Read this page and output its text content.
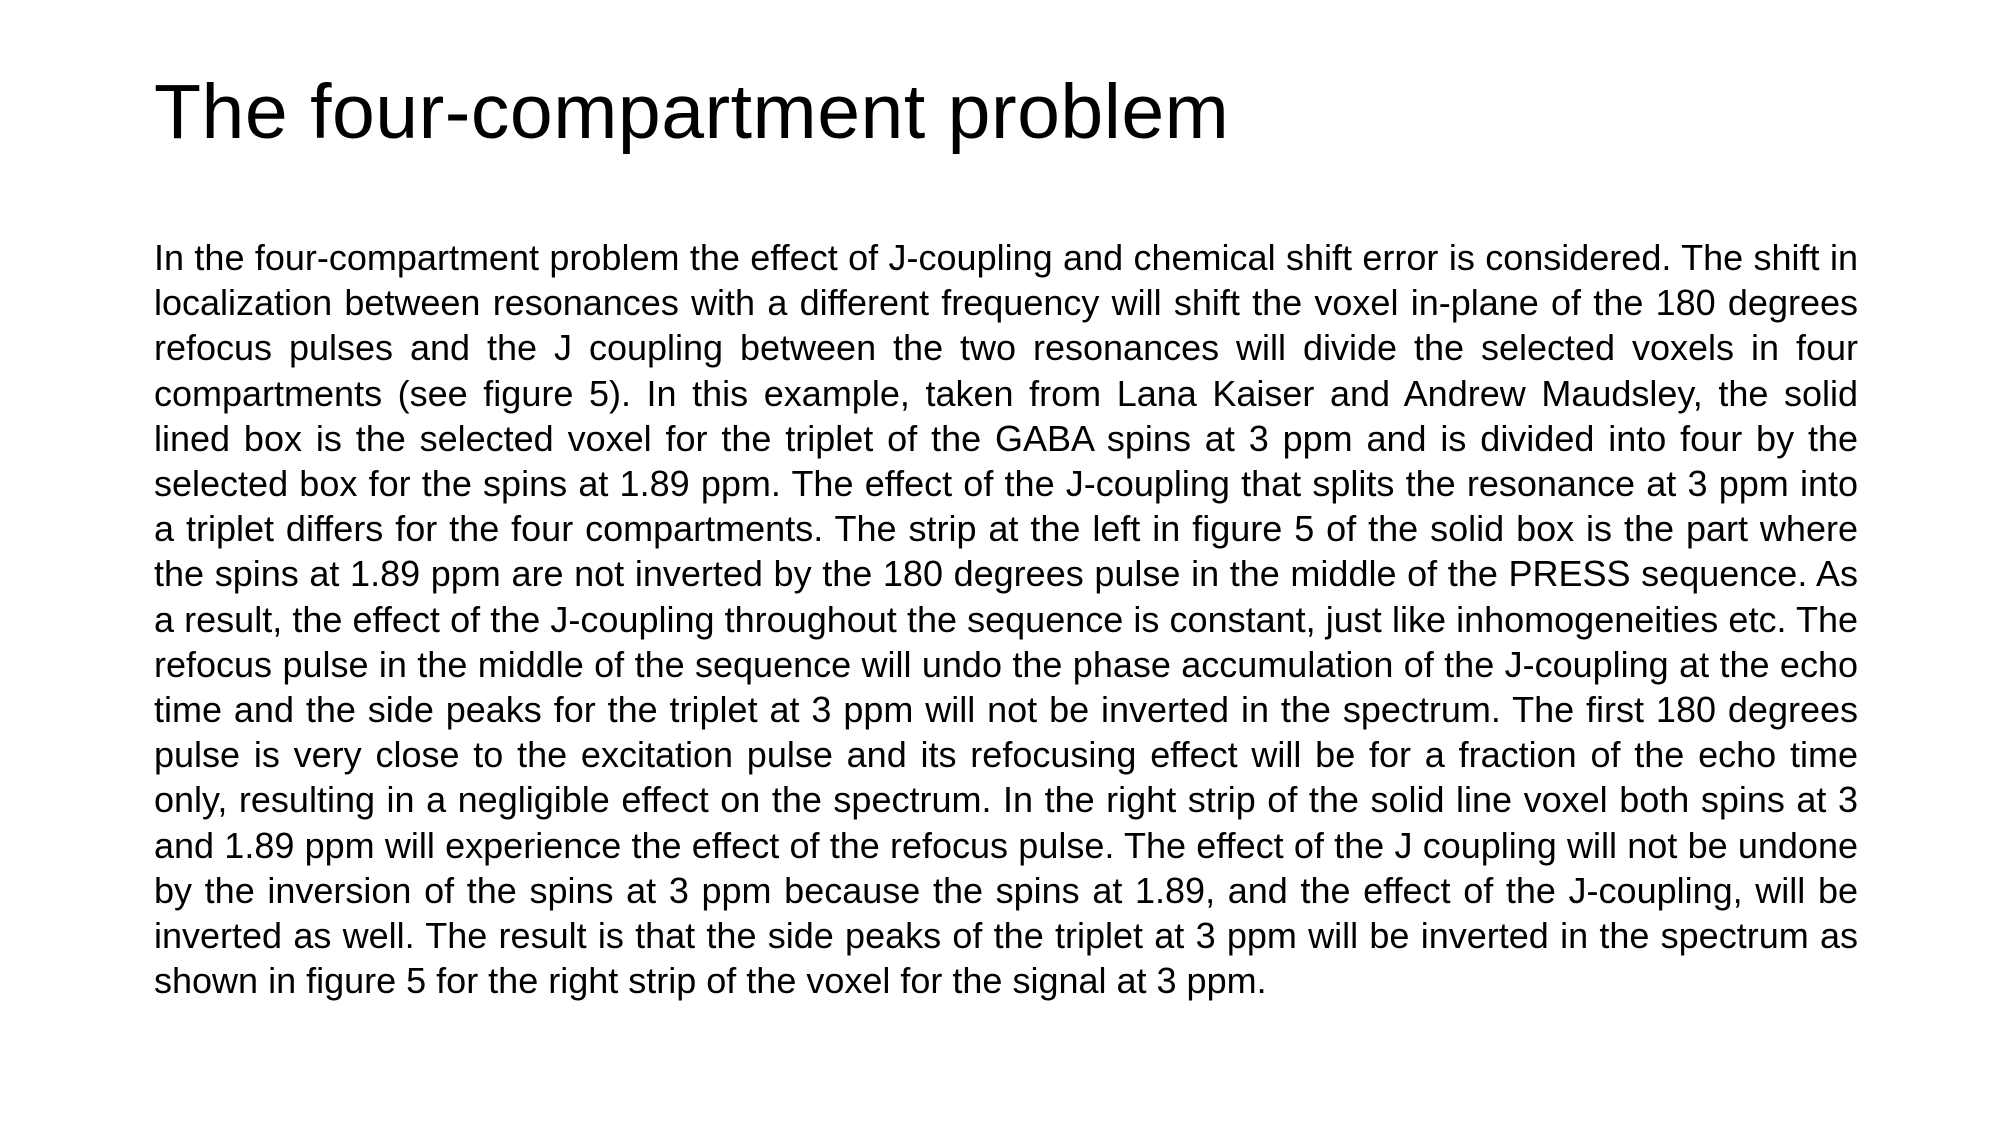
The four-compartment problem

In the four-compartment problem the effect of J-coupling and chemical shift error is considered. The shift in localization between resonances with a different frequency will shift the voxel in-plane of the 180 degrees refocus pulses and the J coupling between the two resonances will divide the selected voxels in four compartments (see figure 5). In this example, taken from Lana Kaiser and Andrew Maudsley, the solid lined box is the selected voxel for the triplet of the GABA spins at 3 ppm and is divided into four by the selected box for the spins at 1.89 ppm. The effect of the J-coupling that splits the resonance at 3 ppm into a triplet differs for the four compartments. The strip at the left in figure 5 of the solid box is the part where the spins at 1.89 ppm are not inverted by the 180 degrees pulse in the middle of the PRESS sequence. As a result, the effect of the J-coupling throughout the sequence is constant, just like inhomogeneities etc. The refocus pulse in the middle of the sequence will undo the phase accumulation of the J-coupling at the echo time and the side peaks for the triplet at 3 ppm will not be inverted in the spectrum. The first 180 degrees pulse is very close to the excitation pulse and its refocusing effect will be for a fraction of the echo time only, resulting in a negligible effect on the spectrum. In the right strip of the solid line voxel both spins at 3 and 1.89 ppm will experience the effect of the refocus pulse. The effect of the J coupling will not be undone by the inversion of the spins at 3 ppm because the spins at 1.89, and the effect of the J-coupling, will be inverted as well. The result is that the side peaks of the triplet at 3 ppm will be inverted in the spectrum as shown in figure 5 for the right strip of the voxel for the signal at 3 ppm.
